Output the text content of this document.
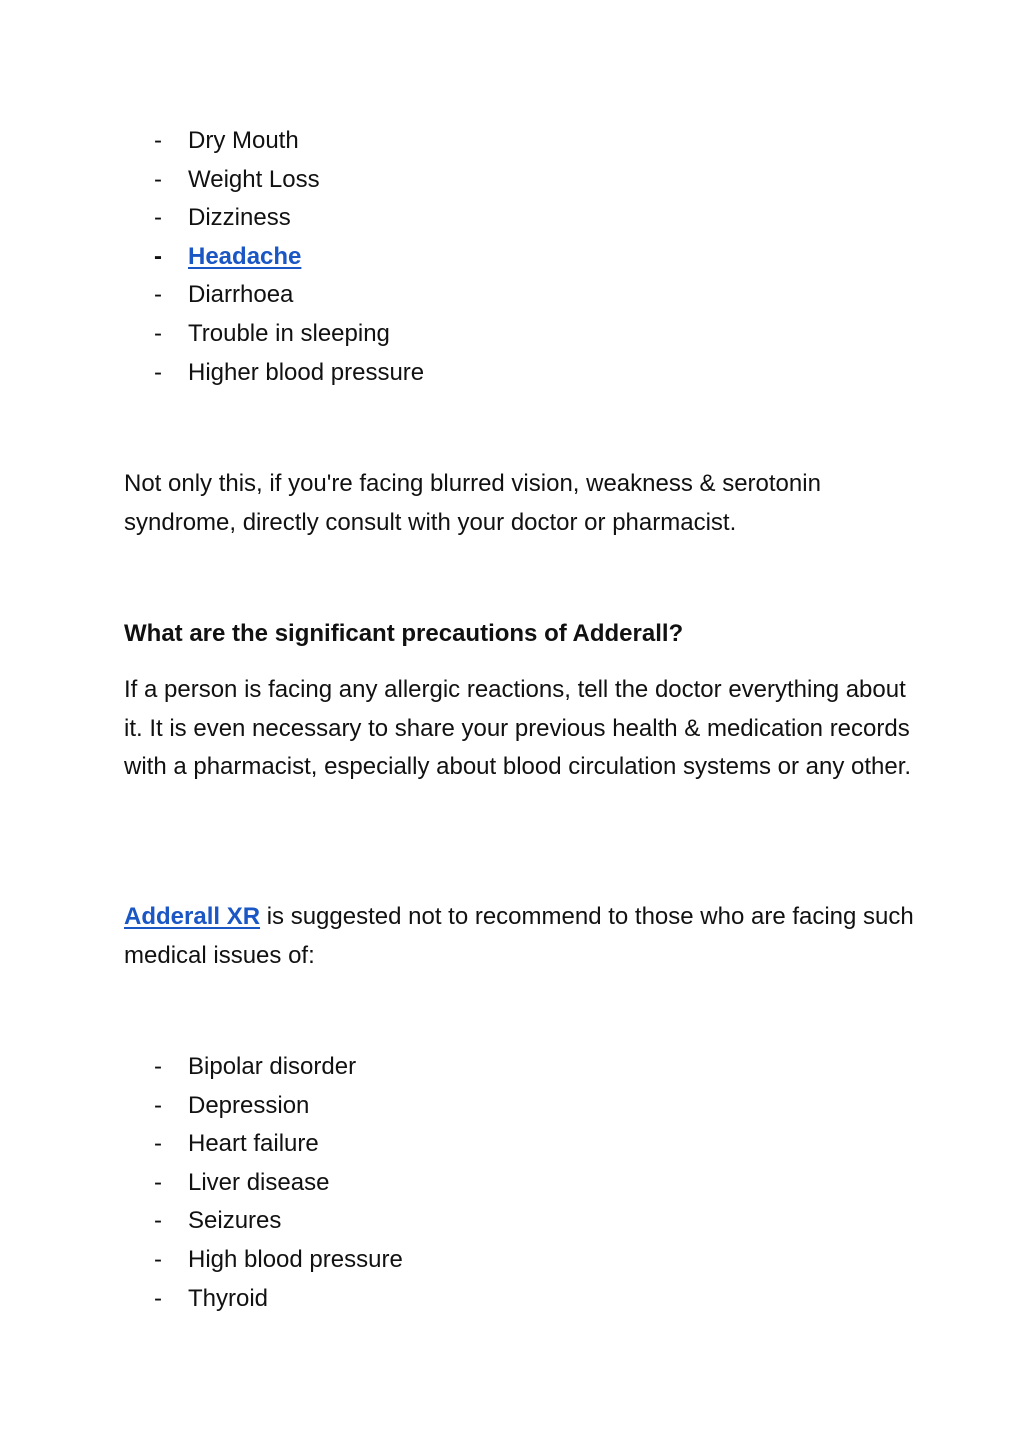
- Dry Mouth
- Weight Loss
- Dizziness
- Headache
- Diarrhoea
- Trouble in sleeping
- Higher blood pressure

Not only this, if you're facing blurred vision, weakness & serotonin syndrome, directly consult with your doctor or pharmacist.

What are the significant precautions of Adderall?

If a person is facing any allergic reactions, tell the doctor everything about it. It is even necessary to share your previous health & medication records with a pharmacist, especially about blood circulation systems or any other.

Adderall XR is suggested not to recommend to those who are facing such medical issues of:

- Bipolar disorder
- Depression
- Heart failure
- Liver disease
- Seizures
- High blood pressure
- Thyroid
